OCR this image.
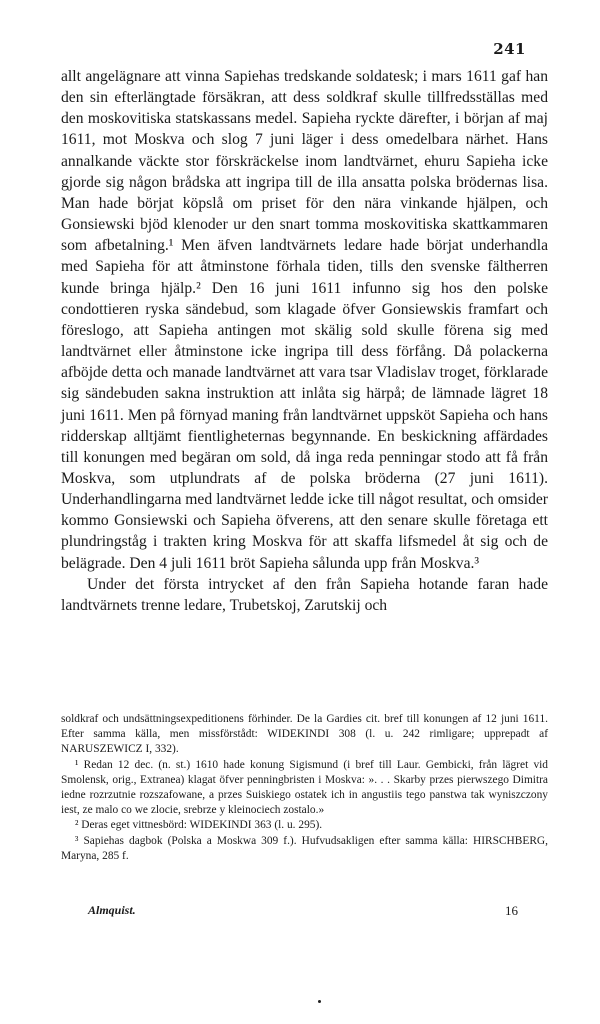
241

allt angelägnare att vinna Sapiehas tredskande soldatesk; i mars 1611 gaf han den sin efterlängtade försäkran, att dess soldkraf skulle tillfredsställas med den moskovitiska statskassans medel. Sapieha ryckte därefter, i början af maj 1611, mot Moskva och slog 7 juni läger i dess omedelbara närhet. Hans annalkande väckte stor förskräckelse inom landtvärnet, ehuru Sapieha icke gjorde sig någon brådska att ingripa till de illa ansatta polska brödernas lisa. Man hade börjat köpslå om priset för den nära vinkande hjälpen, och Gonsiewski bjöd klenoder ur den snart tomma moskovitiska skattkammaren som afbetalning.¹ Men äfven landtvärnets ledare hade börjat underhandla med Sapieha för att åtminstone förhala tiden, tills den svenske fältherren kunde bringa hjälp.² Den 16 juni 1611 infunno sig hos den polske condottieren ryska sändebud, som klagade öfver Gonsiewskis framfart och föreslogo, att Sapieha antingen mot skälig sold skulle förena sig med landtvärnet eller åtminstone icke ingripa till dess förfång. Då polackerna afböjde detta och manade landtvärnet att vara tsar Vladislav troget, förklarade sig sändebuden sakna instruktion att inlåta sig härpå; de lämnade lägret 18 juni 1611. Men på förnyad maning från landtvärnet uppsköt Sapieha och hans ridderskap alltjämt fientligheternas begynnande. En beskickning affärdades till konungen med begäran om sold, då inga reda penningar stodo att få från Moskva, som utplundrats af de polska bröderna (27 juni 1611). Underhandlingarna med landtvärnet ledde icke till något resultat, och omsider kommo Gonsiewski och Sapieha öfverens, att den senare skulle företaga ett plundringståg i trakten kring Moskva för att skaffa lifsmedel åt sig och de belägrade. Den 4 juli 1611 bröt Sapieha sålunda upp från Moskva.³

Under det första intrycket af den från Sapieha hotande faran hade landtvärnets trenne ledare, Trubetskoj, Zarutskij och

soldkraf och undsättningsexpeditionens förhinder. De la Gardies cit. bref till konungen af 12 juni 1611. Efter samma källa, men missförstådt: WIDEKINDI 308 (l. u. 242 rimligare; upprepadt af NARUSZEWICZ I, 332).

¹ Redan 12 dec. (n. st.) 1610 hade konung Sigismund (i bref till Laur. Gembicki, från lägret vid Smolensk, orig., Extranea) klagat öfver penningbristen i Moskva: ». . . Skarby przes pierwszego Dimitra iedne rozrzutnie rozszafowane, a przes Suiskiego ostatek ich in angustiis tego panstwa tak wyniszczony iest, ze malo co we zlocie, srebrze y kleinociech zostalo.»

² Deras eget vittnesbörd: WIDEKINDI 363 (l. u. 295).

³ Sapiehas dagbok (Polska a Moskwa 309 f.). Hufvudsakligen efter samma källa: HIRSCHBERG, Maryna, 285 f.

Almquist.	16
